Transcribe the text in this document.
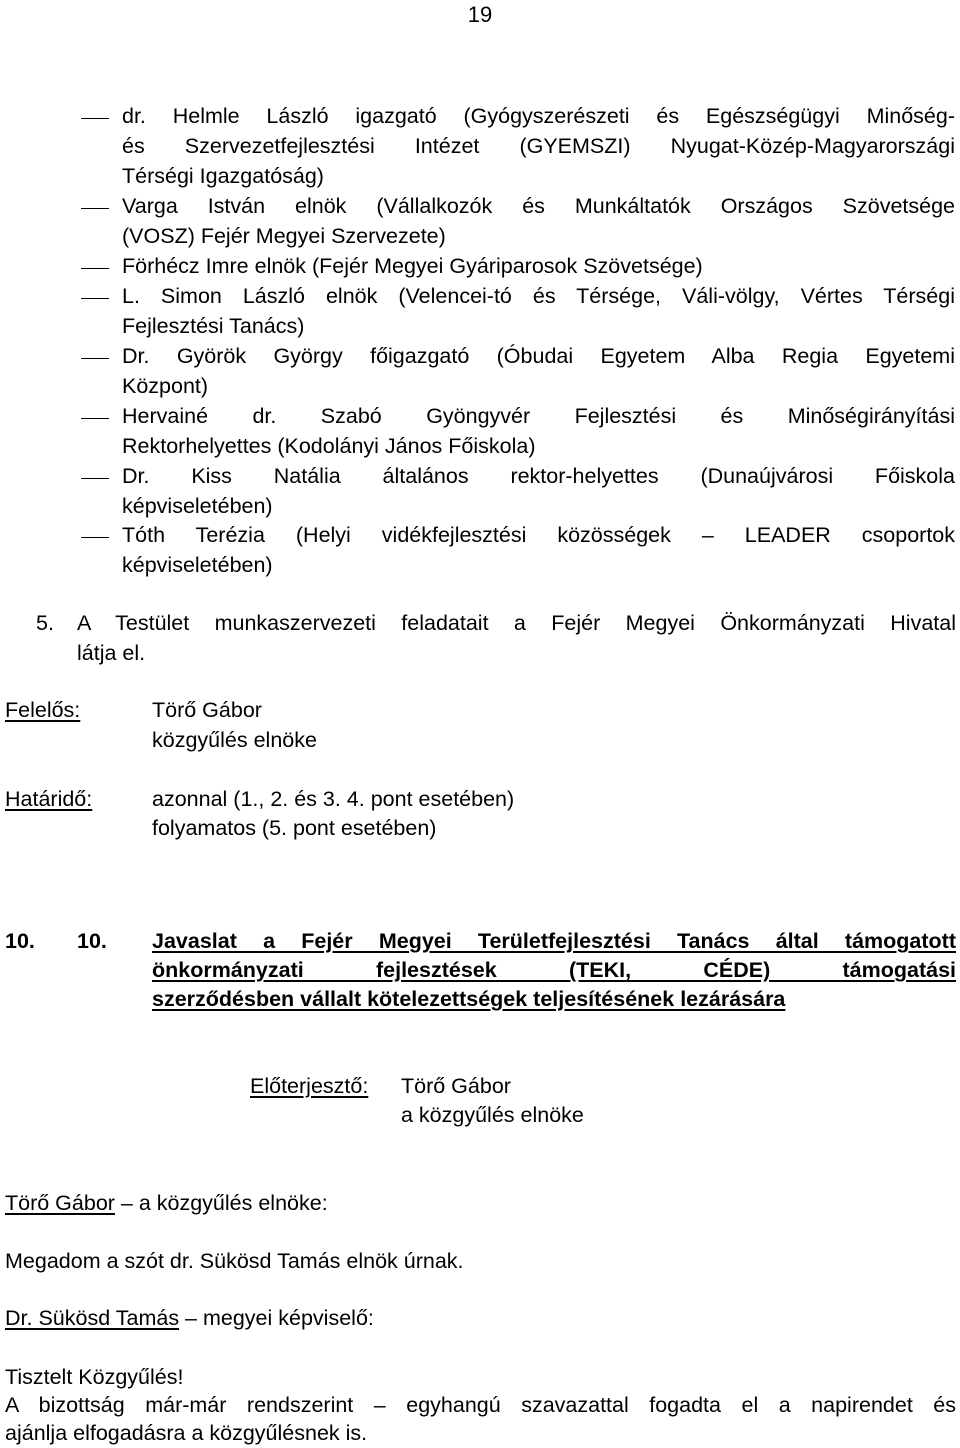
19
dr. Helmle László igazgató (Gyógyszerészeti és Egészségügyi Minőség-
és Szervezetfejlesztési Intézet (GYEMSZI) Nyugat-Közép-Magyarországi
Térségi Igazgatóság)
Varga István elnök (Vállalkozók és Munkáltatók Országos Szövetsége
(VOSZ) Fejér Megyei Szervezete)
Förhécz Imre elnök (Fejér Megyei Gyáriparosok Szövetsége)
L. Simon László elnök (Velencei-tó és Térsége, Váli-völgy, Vértes Térségi
Fejlesztési Tanács)
Dr. Györök György főigazgató (Óbudai Egyetem Alba Regia Egyetemi
Központ)
Hervainé dr. Szabó Gyöngyvér Fejlesztési és Minőségirányítási
Rektorhelyettes (Kodolányi János Főiskola)
Dr. Kiss Natália általános rektor-helyettes (Dunaújvárosi Főiskola
képviseletében)
Tóth Terézia (Helyi vidékfejlesztési közösségek – LEADER csoportok
képviseletében)
5. A Testület munkaszervezeti feladatait a Fejér Megyei Önkormányzati Hivatal
látja el.
Felelős:	Törő Gábor
közgyűlés elnöke
Határidő:	azonnal (1., 2. és 3. 4. pont esetében)
folyamatos (5. pont esetében)
10. 10. Javaslat a Fejér Megyei Területfejlesztési Tanács által támogatott
önkormányzati fejlesztések (TEKI, CÉDE) támogatási
szerződésben vállalt kötelezettségek teljesítésének lezárására
Előterjesztő: Törő Gábor
a közgyűlés elnöke
Törő Gábor – a közgyűlés elnöke:
Megadom a szót dr. Sükösd Tamás elnök úrnak.
Dr. Sükösd Tamás – megyei képviselő:
Tisztelt Közgyűlés!
A bizottság már-már rendszerint – egyhangú szavazattal fogadta el a napirendet és
ajánlja elfogadásra a közgyűlésnek is.
